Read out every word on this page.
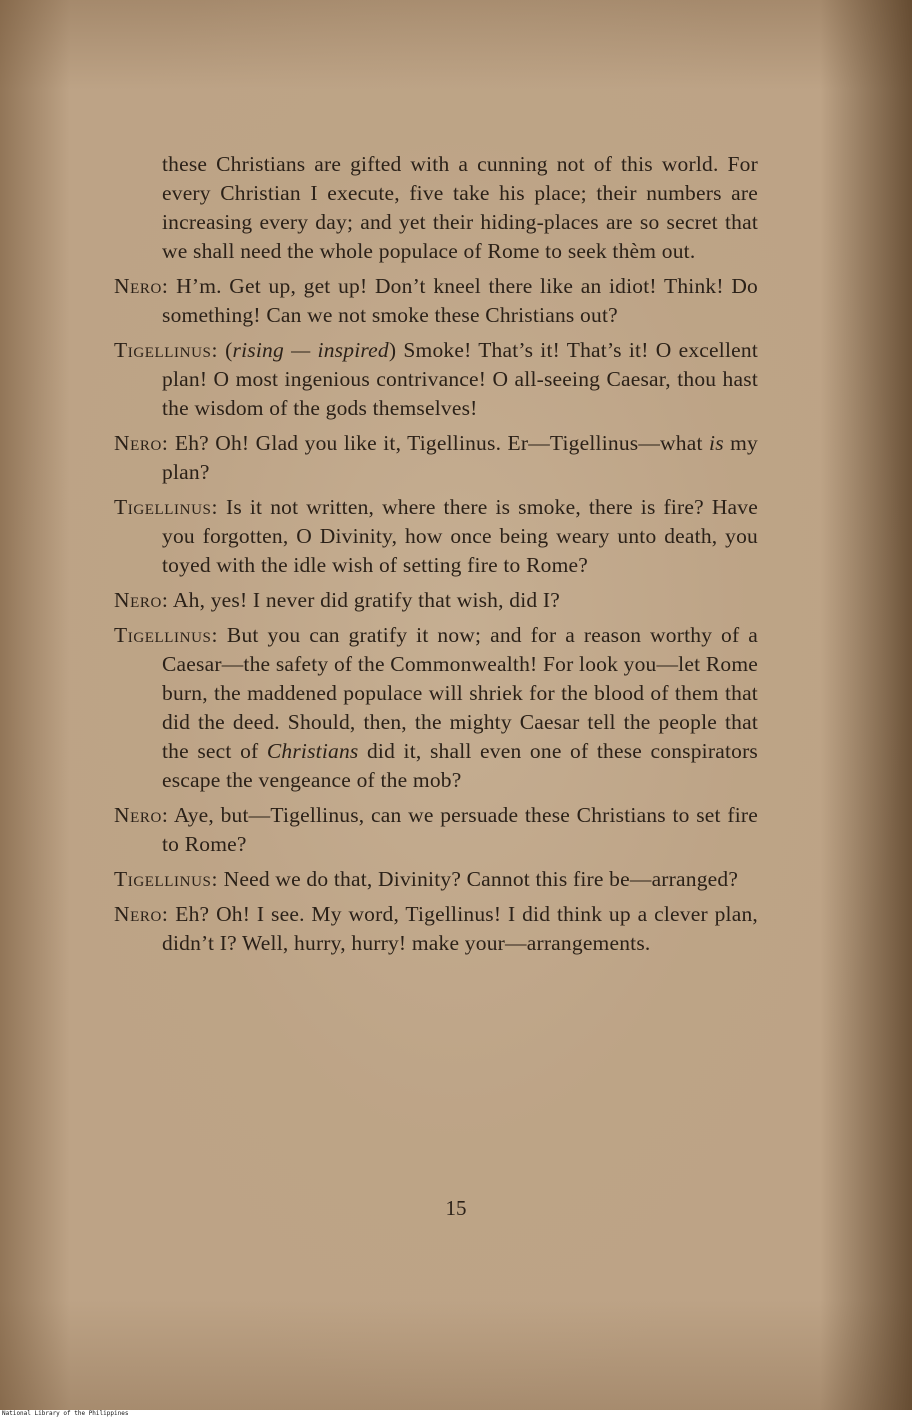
these Christians are gifted with a cunning not of this world. For every Christian I execute, five take his place; their numbers are increasing every day; and yet their hiding-places are so secret that we shall need the whole populace of Rome to seek thèm out.

Nero: H’m. Get up, get up! Don’t kneel there like an idiot! Think! Do something! Can we not smoke these Christians out?

Tigellinus: (rising — inspired) Smoke! That’s it! That’s it! O excellent plan! O most ingenious contrivance! O all-seeing Caesar, thou hast the wisdom of the gods themselves!

Nero: Eh? Oh! Glad you like it, Tigellinus. Er—Tigellinus—what is my plan?

Tigellinus: Is it not written, where there is smoke, there is fire? Have you forgotten, O Divinity, how once being weary unto death, you toyed with the idle wish of setting fire to Rome?

Nero: Ah, yes! I never did gratify that wish, did I?

Tigellinus: But you can gratify it now; and for a reason worthy of a Caesar—the safety of the Commonwealth! For look you—let Rome burn, the maddened populace will shriek for the blood of them that did the deed. Should, then, the mighty Caesar tell the people that the sect of Christians did it, shall even one of these conspirators escape the vengeance of the mob?

Nero: Aye, but—Tigellinus, can we persuade these Christians to set fire to Rome?

Tigellinus: Need we do that, Divinity? Cannot this fire be—arranged?

Nero: Eh? Oh! I see. My word, Tigellinus! I did think up a clever plan, didn’t I? Well, hurry, hurry! make your—arrangements.

15
National Library of the Philippines
